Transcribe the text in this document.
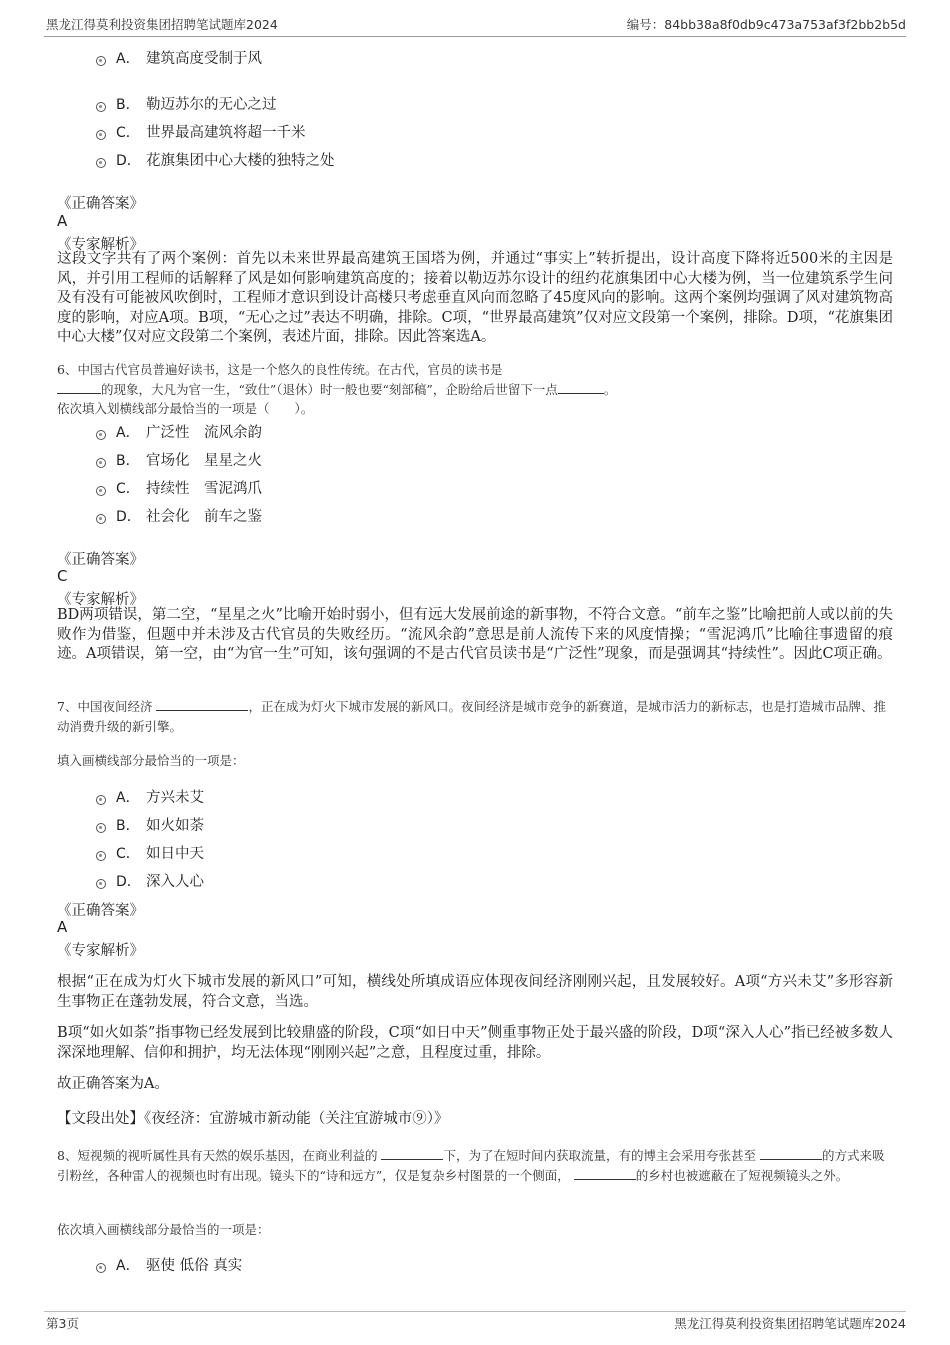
黑龙江得莫利投资集团招聘笔试题库2024	编号：84bb38a8f0db9c473a753af3f2bb2b5d
A． 建筑高度受制于风
B． 勒迈苏尔的无心之过
C． 世界最高建筑将超一千米
D． 花旗集团中心大楼的独特之处
《正确答案》
A
《专家解析》
这段文字共有了两个案例：首先以未来世界最高建筑王国塔为例，并通过“事实上”转折提出，设计高度下降将近500米的主因是风，并引用工程师的话解释了风是如何影响建筑高度的；接着以勒迈苏尔设计的纽约花旗集团中心大楼为例，当一位建筑系学生问及有没有可能被风吹倒时，工程师才意识到设计高楼只考虑垂直风向而忽略了45度风向的影响。这两个案例均强调了风对建筑物高度的影响，对应A项。B项，“无心之过”表达不明确，排除。C项，“世界最高建筑”仅对应文段第一个案例，排除。D项，“花旗集团中心大楼”仅对应文段第二个案例，表述片面，排除。因此答案选A。
6、中国古代官员普遍好读书，这是一个悠久的良性传统。在古代，官员的读书是
的现象，大凡为官一生，“致仕”（退休）时一般也要“刻部稿”，企盼给后世留下一点	。
依次填入划横线部分最恰当的一项是（　　）。
A． 广泛性　流风余韵
B． 官场化　星星之火
C． 持续性　雪泥鸿爪
D． 社会化　前车之鉴
《正确答案》
C
《专家解析》
BD两项错误，第二空，“星星之火”比喻开始时弱小，但有远大发展前途的新事物，不符合文意。“前车之鉴”比喻把前人或以前的失败作为借鉴，但题中并未涉及古代官员的失败经历。“流风余韵”意思是前人流传下来的风度情操；“雪泥鸿爪”比喻往事遗留的痕迹。A项错误，第一空，由“为官一生”可知，该句强调的不是古代官员读书是“广泛性”现象，而是强调其“持续性”。因此C项正确。
7、中国夜间经济	，正在成为灯火下城市发展的新风口。夜间经济是城市竞争的新赛道，是城市活力的新标志，也是打造城市品牌、推动消费升级的新引擎。
填入画横线部分最恰当的一项是：
A． 方兴未艾
B． 如火如荼
C． 如日中天
D． 深入人心
《正确答案》
A
《专家解析》
根据“正在成为灯火下城市发展的新风口”可知，横线处所填成语应体现夜间经济刚刚兴起，且发展较好。A项“方兴未艾”多形容新生事物正在蓬勃发展，符合文意，当选。
B项“如火如荼”指事物已经发展到比较鼎盛的阶段，C项“如日中天”侧重事物正处于最兴盛的阶段，D项“深入人心”指已经被多数人深深地理解、信仰和拥护，均无法体现“刚刚兴起”之意，且程度过重，排除。
故正确答案为A。
【文段出处】《夜经济：宜游城市新动能（关注宜游城市⑨）》
8、短视频的视听属性具有天然的娱乐基因，在商业利益的	下，为了在短时间内获取流量，有的博主会采用夸张甚至	的方式来吸引粉丝，各种雷人的视频也时有出现。镜头下的“诗和远方”，仅是复杂乡村图景的一个侧面，	的乡村也被遮蔽在了短视频镜头之外。
依次填入画横线部分最恰当的一项是：
A． 驱使 低俗 真实
第3页	黑龙江得莫利投资集团招聘笔试题库2024
